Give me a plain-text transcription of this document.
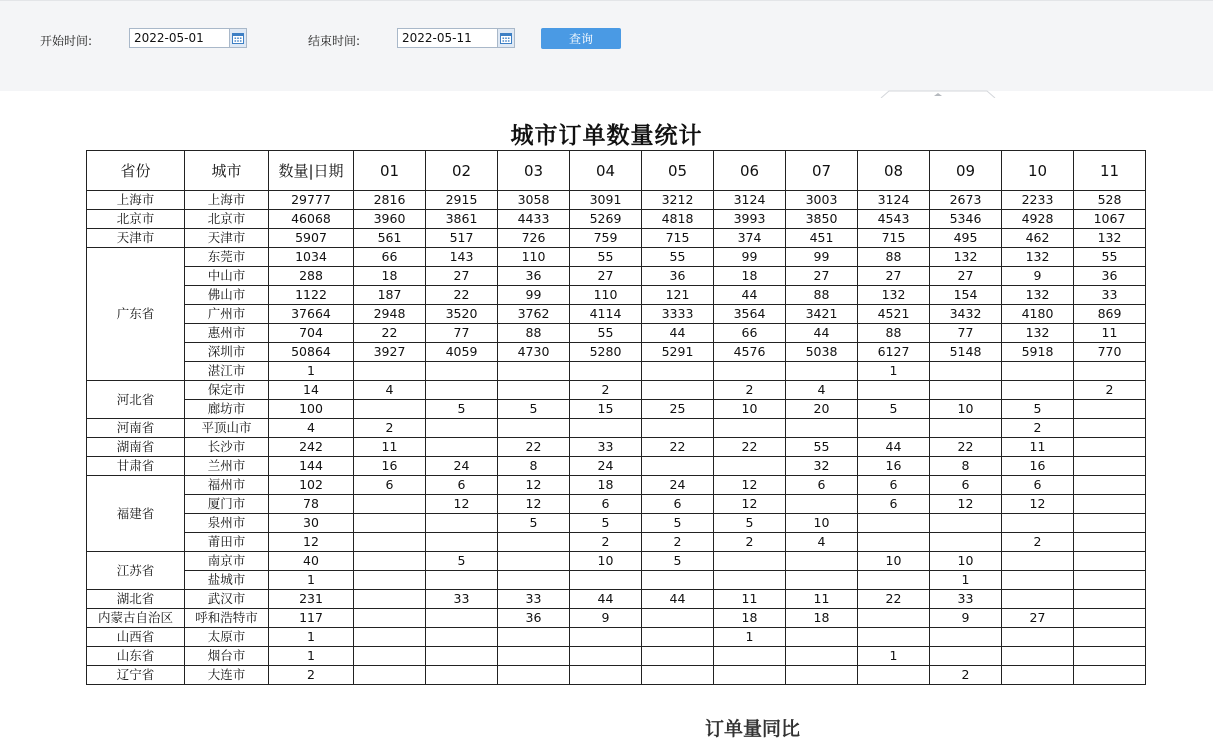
开始时间:	2022-05-01	结束时间:	2022-05-11	查询
城市订单数量统计
省份	城市	数量|日期	01	02	03	04	05	06	07	08	09	10	11
上海市	上海市	29777	2816	2915	3058	3091	3212	3124	3003	3124	2673	2233	528
北京市	北京市	46068	3960	3861	4433	5269	4818	3993	3850	4543	5346	4928	1067
天津市	天津市	5907	561	517	726	759	715	374	451	715	495	462	132
广东省	东莞市	1034	66	143	110	55	55	99	99	88	132	132	55
	中山市	288	18	27	36	27	36	18	27	27	27	9	36
	佛山市	1122	187	22	99	110	121	44	88	132	154	132	33
	广州市	37664	2948	3520	3762	4114	3333	3564	3421	4521	3432	4180	869
	惠州市	704	22	77	88	55	44	66	44	88	77	132	11
	深圳市	50864	3927	4059	4730	5280	5291	4576	5038	6127	5148	5918	770
	湛江市	1								1			
河北省	保定市	14	4			2		2	4				2
	廊坊市	100		5	5	15	25	10	20	5	10	5	
河南省	平顶山市	4	2									2	
湖南省	长沙市	242	11		22	33	22	22	55	44	22	11	
甘肃省	兰州市	144	16	24	8	24			32	16	8	16	
福建省	福州市	102	6	6	12	18	24	12	6	6	6	6	
	厦门市	78		12	12	6	6	12		6	12	12	
	泉州市	30			5	5	5	5	10				
	莆田市	12				2	2	2	4			2	
江苏省	南京市	40		5		10	5			10	10		
	盐城市	1									1		
湖北省	武汉市	231		33	33	44	44	11	11	22	33		
内蒙古自治区	呼和浩特市	117			36	9		18	18		9	27	
山西省	太原市	1						1					
山东省	烟台市	1								1			
辽宁省	大连市	2									2		
订单量同比
